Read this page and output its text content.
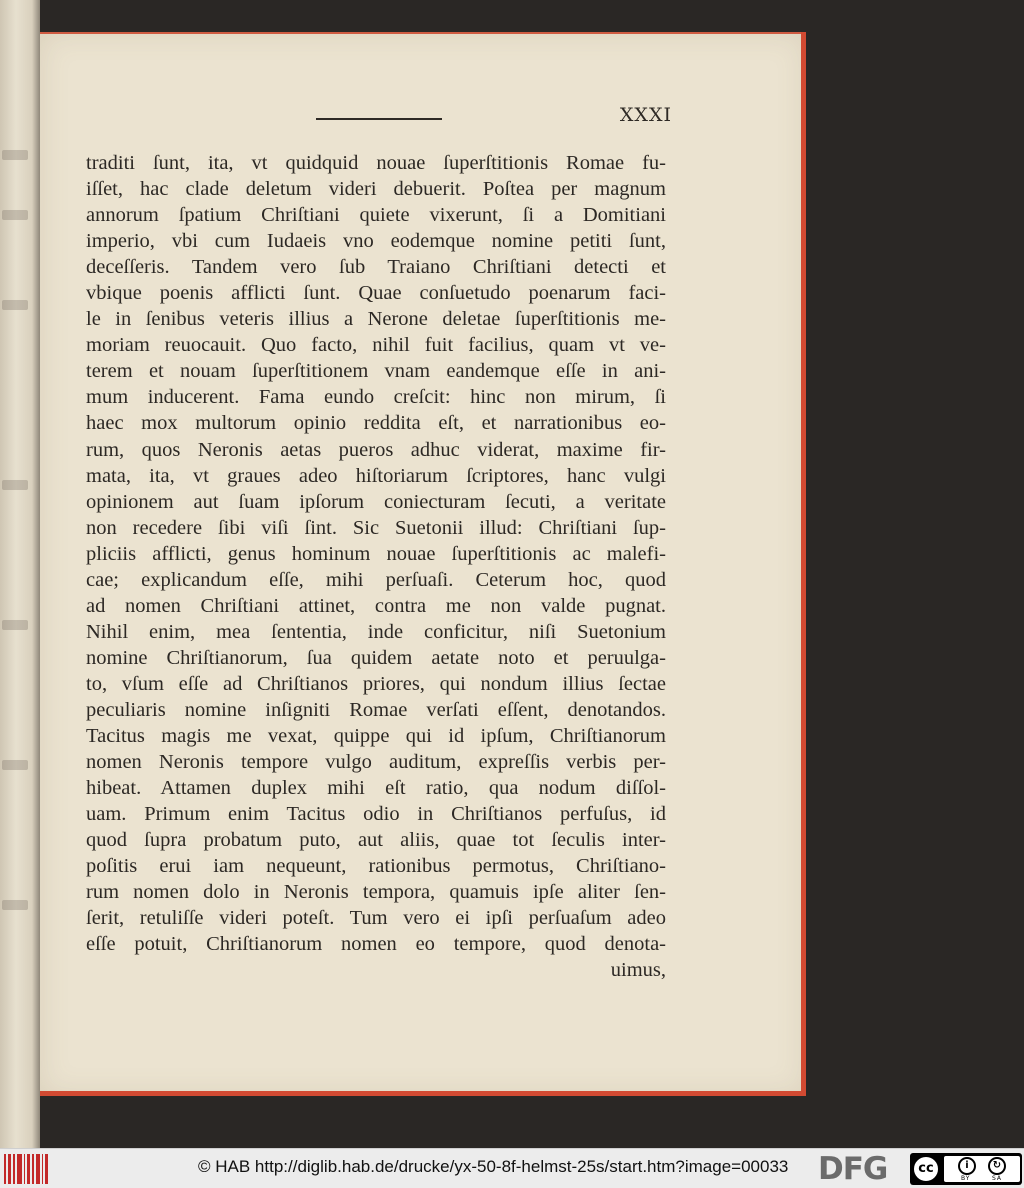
XXXI
traditi ſunt, ita, vt quidquid nouae ſuperſtitionis Romae fu-
iſſet, hac clade deletum videri debuerit. Poſtea per magnum
annorum ſpatium Chriſtiani quiete vixerunt, ſi a Domitiani
imperio, vbi cum Iudaeis vno eodemque nomine petiti ſunt,
deceſſeris. Tandem vero ſub Traiano Chriſtiani detecti et
vbique poenis afflicti ſunt. Quae conſuetudo poenarum faci-
le in ſenibus veteris illius a Nerone deletae ſuperſtitionis me-
moriam reuocauit. Quo facto, nihil fuit facilius, quam vt ve-
terem et nouam ſuperſtitionem vnam eandemque eſſe in ani-
mum inducerent. Fama eundo creſcit: hinc non mirum, ſi
haec mox multorum opinio reddita eſt, et narrationibus eo-
rum, quos Neronis aetas pueros adhuc viderat, maxime fir-
mata, ita, vt graues adeo hiſtoriarum ſcriptores, hanc vulgi
opinionem aut ſuam ipſorum coniecturam ſecuti, a veritate
non recedere ſibi viſi ſint. Sic Suetonii illud: Chriſtiani ſup-
pliciis afflicti, genus hominum nouae ſuperſtitionis ac malefi-
cae; explicandum eſſe, mihi perſuaſi. Ceterum hoc, quod
ad nomen Chriſtiani attinet, contra me non valde pugnat.
Nihil enim, mea ſententia, inde conficitur, niſi Suetonium
nomine Chriſtianorum, ſua quidem aetate noto et peruulga-
to, vſum eſſe ad Chriſtianos priores, qui nondum illius ſectae
peculiaris nomine inſigniti Romae verſati eſſent, denotandos.
Tacitus magis me vexat, quippe qui id ipſum, Chriſtianorum
nomen Neronis tempore vulgo auditum, expreſſis verbis per-
hibeat. Attamen duplex mihi eſt ratio, qua nodum diſſol-
uam. Primum enim Tacitus odio in Chriſtianos perfuſus, id
quod ſupra probatum puto, aut aliis, quae tot ſeculis inter-
poſitis erui iam nequeunt, rationibus permotus, Chriſtiano-
rum nomen dolo in Neronis tempora, quamuis ipſe aliter ſen-
ſerit, retuliſſe videri poteſt. Tum vero ei ipſi perſuaſum adeo
eſſe potuit, Chriſtianorum nomen eo tempore, quod denota-
uimus,
© HAB http://diglib.hab.de/drucke/yx-50-8f-helmst-25s/start.htm?image=00033 DFG	cc	i	↻
BY	SA
